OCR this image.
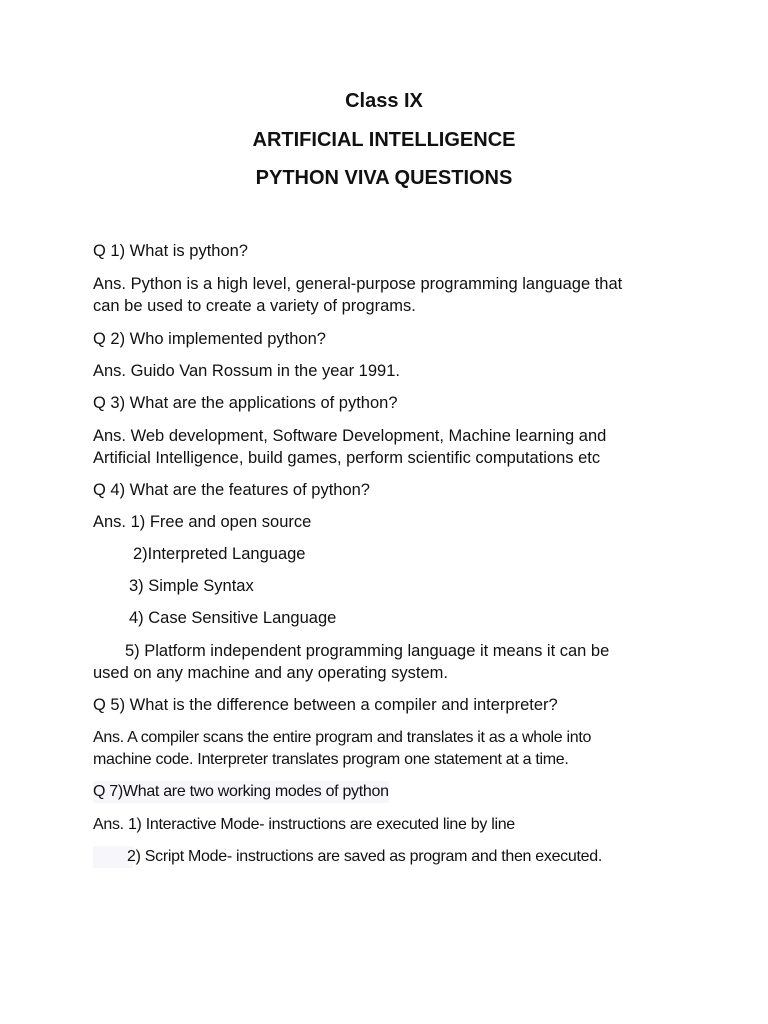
Class IX
ARTIFICIAL INTELLIGENCE
PYTHON VIVA QUESTIONS

Q 1) What is python?

Ans. Python is a high level, general-purpose programming language that

can be used to create a variety of programs.

Q 2) Who implemented python?

Ans. Guido Van Rossum in the year 1991.

Q 3) What are the applications of python?

Ans. Web development, Software Development, Machine learning and

Artificial Intelligence, build games, perform scientific computations etc

Q 4) What are the features of python?

Ans. 1) Free and open source

2)Interpreted Language

3) Simple Syntax

4) Case Sensitive Language

5) Platform independent programming language it means it can be

used on any machine and any operating system.

Q 5) What is the difference between a compiler and interpreter?

Ans. A compiler scans the entire program and translates it as a whole into

machine code. Interpreter translates program one statement at a time.

Q 7)What are two working modes of python

Ans. 1) Interactive Mode- instructions are executed line by line

2) Script Mode- instructions are saved as program and then executed.
